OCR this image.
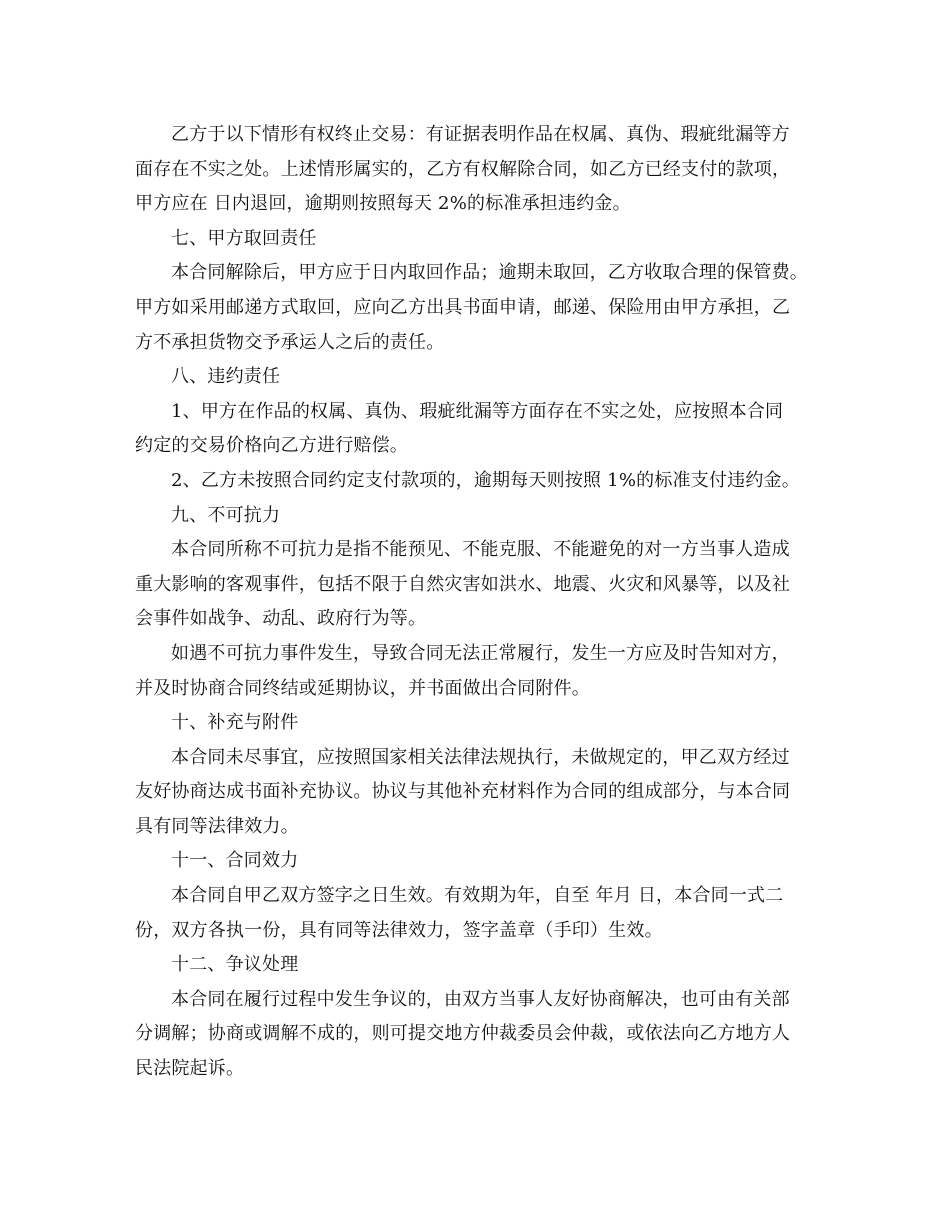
乙方于以下情形有权终止交易：有证据表明作品在权属、真伪、瑕疵纰漏等方
面存在不实之处。上述情形属实的，乙方有权解除合同，如乙方已经支付的款项，
甲方应在 日内退回，逾期则按照每天 2%的标准承担违约金。
七、甲方取回责任
本合同解除后，甲方应于日内取回作品；逾期未取回，乙方收取合理的保管费。
甲方如采用邮递方式取回，应向乙方出具书面申请，邮递、保险用由甲方承担，乙
方不承担货物交予承运人之后的责任。
八、违约责任
1、甲方在作品的权属、真伪、瑕疵纰漏等方面存在不实之处，应按照本合同
约定的交易价格向乙方进行赔偿。
2、乙方未按照合同约定支付款项的，逾期每天则按照 1%的标准支付违约金。
九、不可抗力
本合同所称不可抗力是指不能预见、不能克服、不能避免的对一方当事人造成
重大影响的客观事件，包括不限于自然灾害如洪水、地震、火灾和风暴等，以及社
会事件如战争、动乱、政府行为等。
如遇不可抗力事件发生，导致合同无法正常履行，发生一方应及时告知对方，
并及时协商合同终结或延期协议，并书面做出合同附件。
十、补充与附件
本合同未尽事宜，应按照国家相关法律法规执行，未做规定的，甲乙双方经过
友好协商达成书面补充协议。协议与其他补充材料作为合同的组成部分，与本合同
具有同等法律效力。
十一、合同效力
本合同自甲乙双方签字之日生效。有效期为年，自至 年月 日，本合同一式二
份，双方各执一份，具有同等法律效力，签字盖章（手印）生效。
十二、争议处理
本合同在履行过程中发生争议的，由双方当事人友好协商解决，也可由有关部
分调解；协商或调解不成的，则可提交地方仲裁委员会仲裁，或依法向乙方地方人
民法院起诉。
